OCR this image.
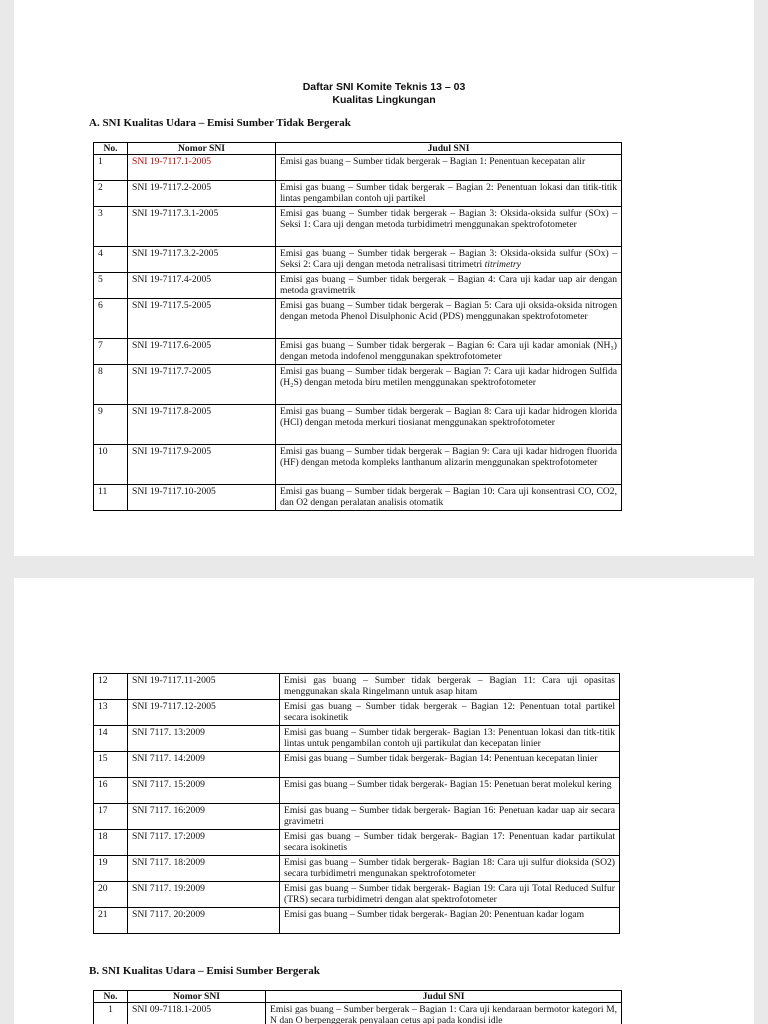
Daftar SNI Komite Teknis 13 – 03
Kualitas Lingkungan
A. SNI Kualitas Udara – Emisi Sumber Tidak Bergerak
No.	Nomor SNI	Judul SNI
1	SNI 19-7117.1-2005	Emisi gas buang – Sumber tidak bergerak – Bagian 1: Penentuan kecepatan alir
2	SNI 19-7117.2-2005	Emisi gas buang – Sumber tidak bergerak – Bagian 2: Penentuan lokasi dan titik-titik lintas pengambilan contoh uji partikel
3	SNI 19-7117.3.1-2005	Emisi gas buang – Sumber tidak bergerak – Bagian 3: Oksida-oksida sulfur (SOx) – Seksi 1: Cara uji dengan metoda turbidimetri menggunakan spektrofotometer
4	SNI 19-7117.3.2-2005	Emisi gas buang – Sumber tidak bergerak – Bagian 3: Oksida-oksida sulfur (SOx) – Seksi 2: Cara uji dengan metoda netralisasi titrimetri titrimetry
5	SNI 19-7117.4-2005	Emisi gas buang – Sumber tidak bergerak – Bagian 4: Cara uji kadar uap air dengan metoda gravimetrik
6	SNI 19-7117.5-2005	Emisi gas buang – Sumber tidak bergerak – Bagian 5: Cara uji oksida-oksida nitrogen dengan metoda Phenol Disulphonic Acid (PDS) menggunakan spektrofotometer
7	SNI 19-7117.6-2005	Emisi gas buang – Sumber tidak bergerak – Bagian 6: Cara uji kadar amoniak (NH₃) dengan metoda indofenol menggunakan spektrofotometer
8	SNI 19-7117.7-2005	Emisi gas buang – Sumber tidak bergerak – Bagian 7: Cara uji kadar hidrogen Sulfida (H₂S) dengan metoda biru metilen menggunakan spektrofotometer
9	SNI 19-7117.8-2005	Emisi gas buang – Sumber tidak bergerak – Bagian 8: Cara uji kadar hidrogen klorida (HCl) dengan metoda merkuri tiosianat menggunakan spektrofotometer
10	SNI 19-7117.9-2005	Emisi gas buang – Sumber tidak bergerak – Bagian 9: Cara uji kadar hidrogen fluorida (HF) dengan metoda kompleks lanthanum alizarin menggunakan spektrofotometer
11	SNI 19-7117.10-2005	Emisi gas buang – Sumber tidak bergerak – Bagian 10: Cara uji konsentrasi CO, CO2, dan O2 dengan peralatan analisis otomatik
12	SNI 19-7117.11-2005	Emisi gas buang – Sumber tidak bergerak – Bagian 11: Cara uji opasitas menggunakan skala Ringelmann untuk asap hitam
13	SNI 19-7117.12-2005	Emisi gas buang – Sumber tidak bergerak – Bagian 12: Penentuan total partikel secara isokinetik
14	SNI 7117. 13:2009	Emisi gas buang – Sumber tidak bergerak- Bagian 13: Penentuan lokasi dan titk-titik lintas untuk pengambilan contoh uji partikulat dan kecepatan linier
15	SNI 7117. 14:2009	Emisi gas buang – Sumber tidak bergerak- Bagian 14: Penentuan kecepatan linier
16	SNI 7117. 15:2009	Emisi gas buang – Sumber tidak bergerak- Bagian 15: Penetuan berat molekul kering
17	SNI 7117. 16:2009	Emisi gas buang – Sumber tidak bergerak- Bagian 16: Penetuan kadar uap air secara gravimetri
18	SNI 7117. 17:2009	Emisi gas buang – Sumber tidak bergerak- Bagian 17: Penentuan kadar partikulat secara isokinetis
19	SNI 7117. 18:2009	Emisi gas buang – Sumber tidak bergerak- Bagian 18: Cara uji sulfur dioksida (SO2) secara turbidimetri mengunakan spektrofotometer
20	SNI 7117. 19:2009	Emisi gas buang – Sumber tidak bergerak- Bagian 19: Cara uji Total Reduced Sulfur (TRS) secara turbidimetri dengan alat spektrofotometer
21	SNI 7117. 20:2009	Emisi gas buang – Sumber tidak bergerak- Bagian 20: Penentuan kadar logam
B. SNI Kualitas Udara – Emisi Sumber Bergerak
No.	Nomor SNI	Judul SNI
1	SNI 09-7118.1-2005	Emisi gas buang – Sumber bergerak – Bagian 1: Cara uji kendaraan bermotor kategori M, N dan O berpenggerak penyalaan cetus api pada kondisi idle
